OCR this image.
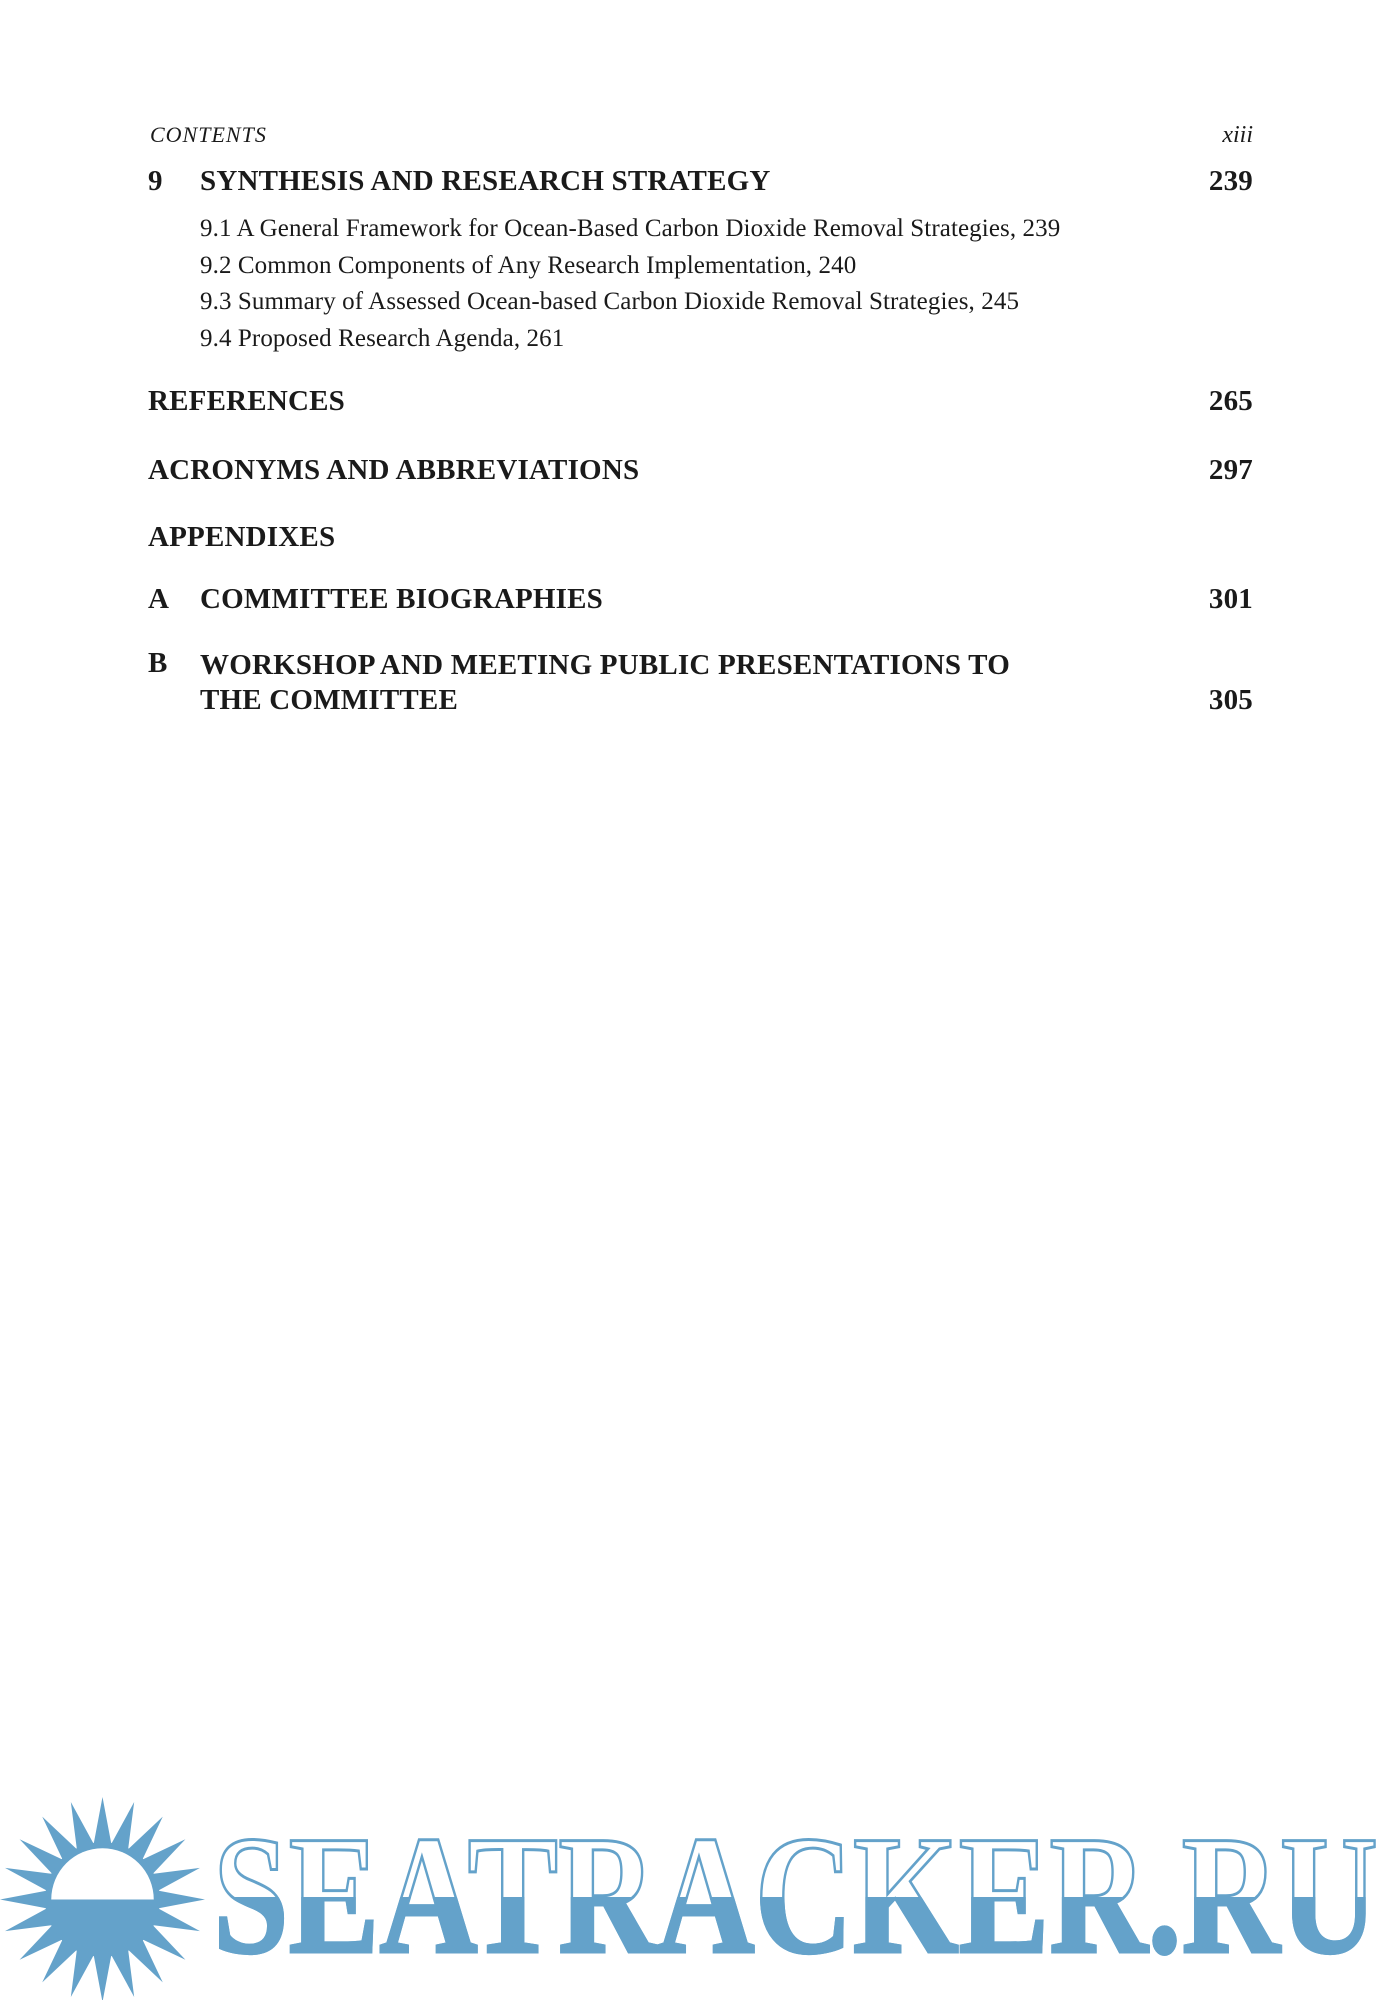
CONTENTS	xiii
9	SYNTHESIS AND RESEARCH STRATEGY	239
9.1 A General Framework for Ocean-Based Carbon Dioxide Removal Strategies, 239
9.2 Common Components of Any Research Implementation, 240
9.3 Summary of Assessed Ocean-based Carbon Dioxide Removal Strategies, 245
9.4 Proposed Research Agenda, 261
REFERENCES	265
ACRONYMS AND ABBREVIATIONS	297
APPENDIXES
A	COMMITTEE BIOGRAPHIES	301
B	WORKSHOP AND MEETING PUBLIC PRESENTATIONS TO
THE COMMITTEE	305
SEATRACKER.RU
